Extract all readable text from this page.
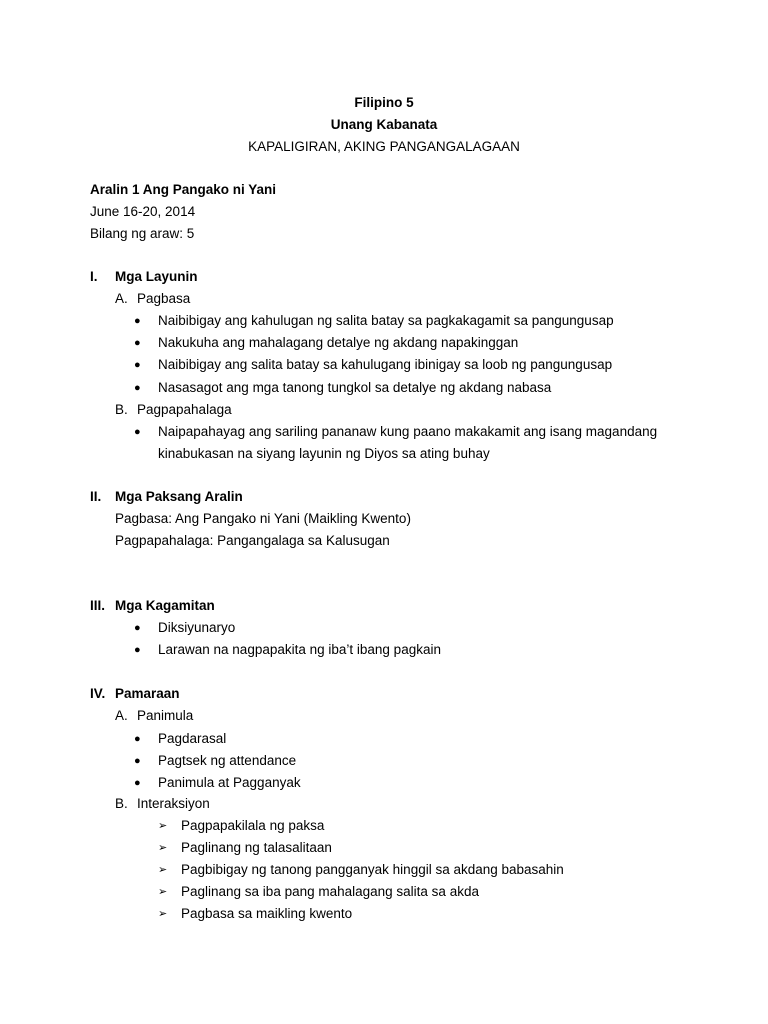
Filipino 5
Unang Kabanata
KAPALIGIRAN, AKING PANGANGALAGAAN
Aralin 1 Ang Pangako ni Yani
June 16-20, 2014
Bilang ng araw: 5
I. Mga Layunin
A. Pagbasa
● Naibibigay ang kahulugan ng salita batay sa pagkakagamit sa pangungusap
● Nakukuha ang mahalagang detalye ng akdang napakinggan
● Naibibigay ang salita batay sa kahulugang ibinigay sa loob ng pangungusap
● Nasasagot ang mga tanong tungkol sa detalye ng akdang nabasa
B. Pagpapahalaga
● Naipapahayag ang sariling pananaw kung paano makakamit ang isang magandang
kinabukasan na siyang layunin ng Diyos sa ating buhay
II. Mga Paksang Aralin
Pagbasa: Ang Pangako ni Yani (Maikling Kwento)
Pagpapahalaga: Pangangalaga sa Kalusugan
III. Mga Kagamitan
● Diksiyunaryo
● Larawan na nagpapakita ng iba’t ibang pagkain
IV. Pamaraan
A. Panimula
● Pagdarasal
● Pagtsek ng attendance
● Panimula at Pagganyak
B. Interaksiyon
➢ Pagpapakilala ng paksa
➢ Paglinang ng talasalitaan
➢ Pagbibigay ng tanong pangganyak hinggil sa akdang babasahin
➢ Paglinang sa iba pang mahalagang salita sa akda
➢ Pagbasa sa maikling kwento
